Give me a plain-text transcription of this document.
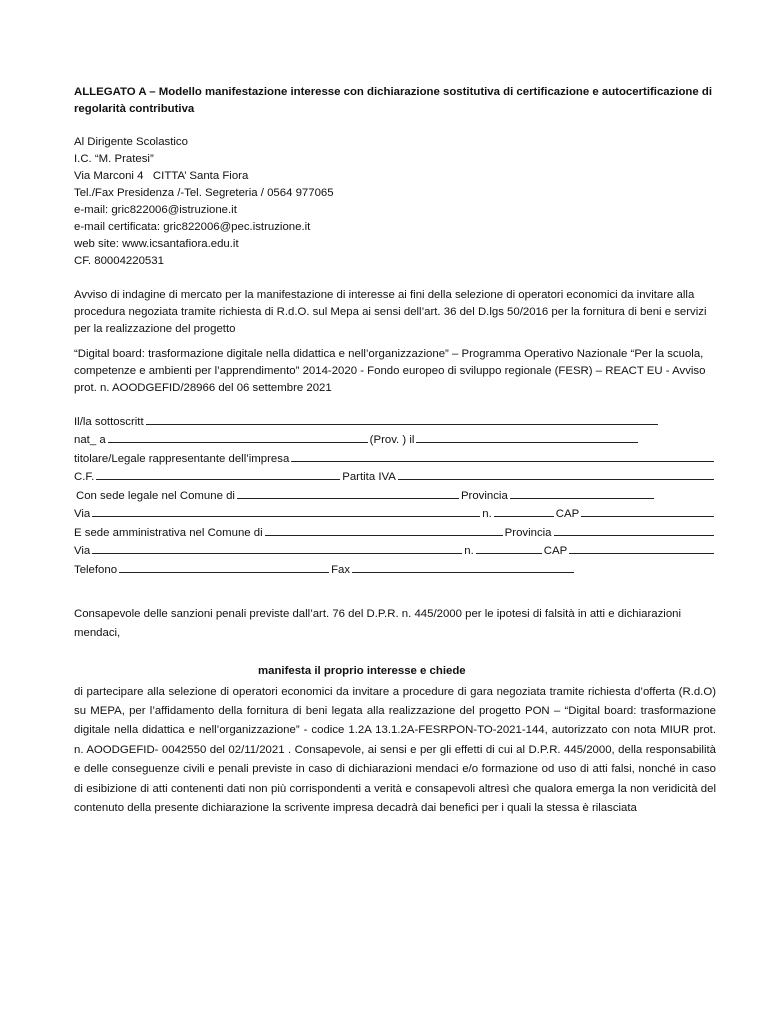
ALLEGATO A – Modello manifestazione interesse con dichiarazione sostitutiva di certificazione e autocertificazione di regolarità contributiva

Al Dirigente Scolastico
I.C. “M. Pratesi”
Via Marconi 4   CITTA’ Santa Fiora
Tel./Fax Presidenza /-Tel. Segreteria / 0564 977065
e-mail: gric822006@istruzione.it
e-mail certificata: gric822006@pec.istruzione.it
web site: www.icsantafiora.edu.it
CF. 80004220531
Avviso di indagine di mercato per la manifestazione di interesse ai fini della selezione di operatori economici da invitare alla procedura negoziata tramite richiesta di R.d.O. sul Mepa ai sensi dell’art. 36 del D.lgs 50/2016 per la fornitura di beni e servizi per la realizzazione del progetto
“Digital board: trasformazione digitale nella didattica e nell’organizzazione” – Programma Operativo Nazionale “Per la scuola, competenze e ambienti per l’apprendimento” 2014-2020 - Fondo europeo di sviluppo regionale (FESR) – REACT EU - Avviso prot. n. AOODGEFID/28966 del 06 settembre 2021
Il/la sottoscritt
nat_ a	(Prov. ) il
titolare/Legale rappresentante dell’impresa
C.F.	Partita IVA
Con sede legale nel Comune di	Provincia
Via	n.	CAP
E sede amministrativa nel Comune di	Provincia
Via	n.	CAP
Telefono	Fax
Consapevole delle sanzioni penali previste dall’art. 76 del D.P.R. n. 445/2000 per le ipotesi di falsità in atti e dichiarazioni mendaci,
manifesta il proprio interesse e chiede
di partecipare alla selezione di operatori economici da invitare a procedure di gara negoziata tramite richiesta d’offerta (R.d.O) su MEPA, per l’affidamento della fornitura di beni legata alla realizzazione del progetto PON – “Digital board: trasformazione digitale nella didattica e nell’organizzazione” - codice 1.2A 13.1.2A-FESRPON-TO-2021-144, autorizzato con nota MIUR prot. n. AOODGEFID- 0042550 del 02/11/2021 . Consapevole, ai sensi e per gli effetti di cui al D.P.R. 445/2000, della responsabilità e delle conseguenze civili e penali previste in caso di dichiarazioni mendaci e/o formazione od uso di atti falsi, nonché in caso di esibizione di atti contenenti dati non più corrispondenti a verità e consapevoli altresì che qualora emerga la non veridicità del contenuto della presente dichiarazione la scrivente impresa decadrà dai benefici per i quali la stessa è rilasciata
